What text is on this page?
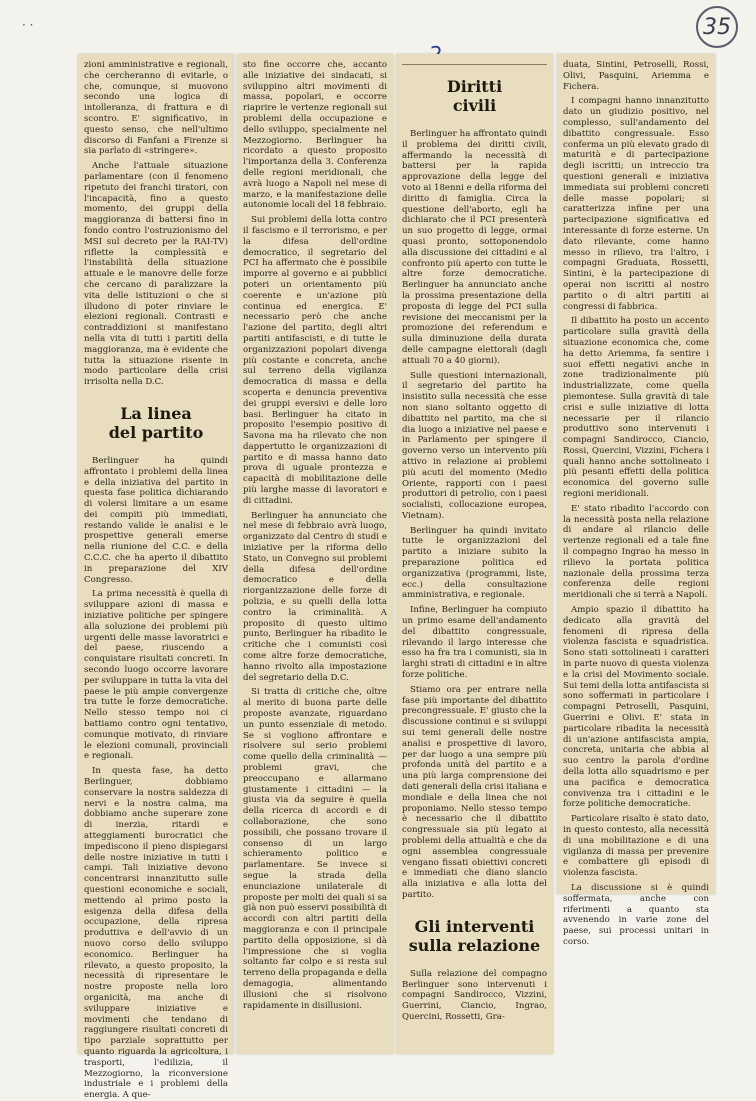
· ·	35

zioni amministrative e regionali, che cercheranno di evitarle, o che, comunque, si muovono secondo una logica di intolleranza, di frattura e di scontro. E' significativo, in questo senso, che nell'ultimo discorso di Fanfani a Firenze si sia parlato di «stringere».

Anche l'attuale situazione parlamentare (con il fenomeno ripetuto dei franchi tiratori, con l'incapacità, fino a questo momento, dei gruppi della maggioranza di battersi fino in fondo contro l'ostruzionismo del MSI sul decreto per la RAI-TV) riflette la complessità e l'instabilità della situazione attuale e le manovre delle forze che cercano di paralizzare la vita delle istituzioni o che si illudono di poter rinviare le elezioni regionali. Contrasti e contraddizioni si manifestano nella vita di tutti i partiti della maggioranza, ma è evidente che tutta la situazione risente in modo particolare della crisi irrisolta nella D.C.

La linea
del partito

Berlinguer ha quindi affrontato i problemi della linea e della iniziativa del partito in questa fase politica dichiarando di volersi limitare a un esame dei compiti più immediati, restando valide le analisi e le prospettive generali emerse nella riunione del C.C. e della C.C.C. che ha aperto il dibattito in preparazione del XIV Congresso.

La prima necessità è quella di sviluppare azioni di massa e iniziative politiche per spingere alla soluzione dei problemi più urgenti delle masse lavoratrici e del paese, riuscendo a conquistare risultati concreti. In secondo luogo occorre lavorare per sviluppare in tutta la vita del paese le più ampie convergenze tra tutte le forze democratiche. Nello stesso tempo noi ci battiamo contro ogni tentativo, comunque motivato, di rinviare le elezioni comunali, provinciali e regionali.

In questa fase, ha detto Berlinguer, dobbiamo conservare la nostra saldezza di nervi e la nostra calma, ma dobbiamo anche superare zone di inerzia, ritardi e atteggiamenti burocratici che impediscono il pieno dispiegarsi delle nostre iniziative in tutti i campi. Tali iniziative devono concentrarsi innanzitutto sulle questioni economiche e sociali, mettendo al primo posto la esigenza della difesa della occupazione, della ripresa produttiva e dell'avvio di un nuovo corso dello sviluppo economico. Berlinguer ha rilevato, a questo proposito, la necessità di ripresentare le nostre proposte nella loro organicità, ma anche di sviluppare iniziative e movimenti che tendano di raggiungere risultati concreti di tipo parziale soprattutto per quanto riguarda la agricoltura, i trasporti, l'edilizia, il Mezzogiorno, la riconversione industriale e i problemi della energia. A que-

sto fine occorre che, accanto alle iniziative dei sindacati, si sviluppino altri movimenti di massa, popolari, e occorre riaprire le vertenze regionali sui problemi della occupazione e dello sviluppo, specialmente nel Mezzogiorno. Berlinguer ha ricordato a questo proposito l'importanza della 3. Conferenza delle regioni meridionali, che avrà luogo a Napoli nel mese di marzo, e la manifestazione delle autonomie locali del 18 febbraio.

Sui problemi della lotta contro il fascismo e il terrorismo, e per la difesa dell'ordine democratico, il segretario del PCI ha affermato che è possibile imporre al governo e ai pubblici poteri un orientamento più coerente e un'azione più continua ed energica. E' necessario però che anche l'azione del partito, degli altri partiti antifascisti, e di tutte le organizzazioni popolari divenga più costante e concreta, anche sul terreno della vigilanza democratica di massa e della scoperta e denuncia preventiva dei gruppi eversivi e delle loro basi. Berlinguer ha citato in proposito l'esempio positivo di Savona ma ha rilevato che non dappertutto le organizzazioni di partito e di massa hanno dato prova di uguale prontezza e capacità di mobilitazione delle più larghe masse di lavoratori e di cittadini.

Berlinguer ha annunciato che nel mese di febbraio avrà luogo, organizzato dal Centro di studi e iniziative per la riforma dello Stato, un Convegno sui problemi della difesa dell'ordine democratico e della riorganizzazione delle forze di polizia, e su quelli della lotta contro la criminalità. A proposito di questo ultimo punto, Berlinguer ha ribadito le critiche che i comunisti così come altre forze democratiche, hanno rivolto alla impostazione del segretario della D.C.

Si tratta di critiche che, oltre al merito di buona parte delle proposte avanzate, riguardano un punto essenziale di metodo. Se si vogliono affrontare e risolvere sul serio problemi come quello della criminalità — problemi gravi, che preoccupano e allarmano giustamente i cittadini — la giusta via da seguire è quella della ricerca di accordi e di collaborazione, che sono possibili, che possano trovare il consenso di un largo schieramento politico e parlamentare. Se invece si segue la strada della enunciazione unilaterale di proposte per molti dei quali si sa già non può esservi possibilità di accordi con altri partiti della maggioranza e con il principale partito della opposizione, si dà l'impressione che si voglia soltanto far colpo e si resta sul terreno della propaganda e della demagogia, alimentando illusioni che si risolvono rapidamente in disillusioni.

Diritti
civili

Berlinguer ha affrontato quindi il problema dei diritti civili, affermando la necessità di battersi per la rapida approvazione della legge del voto ai 18enni e della riforma del diritto di famiglia. Circa la questione dell'aborto, egli ha dichiarato che il PCI presenterà un suo progetto di legge, ormai quasi pronto, sottoponendolo alla discussione dei cittadini e al confronto più aperto con tutte le altre forze democratiche. Berlinguer ha annunciato anche la prossima presentazione della proposta di legge del PCI sulla revisione dei meccanismi per la promozione dei referendum e sulla diminuzione della durata delle campagne elettorali (dagli attuali 70 a 40 giorni).

Sulle questioni internazionali, il segretario del partito ha insistito sulla necessità che esse non siano soltanto oggetto di dibattito nel partito, ma che si dia luogo a iniziative nel paese e in Parlamento per spingere il governo verso un intervento più attivo in relazione ai problemi più acuti del momento (Medio Oriente, rapporti con i paesi produttori di petrolio, con i paesi socialisti, collocazione europea, Vietnam).

Berlinguer ha quindi invitato tutte le organizzazioni del partito a iniziare subito la preparazione politica ed organizzativa (programmi, liste, ecc.) della consultazione amministrativa, e regionale.

Infine, Berlinguer ha compiuto un primo esame dell'andamento del dibattito congressuale, rilevando il largo interesse che esso ha fra tra i comunisti, sia in larghi strati di cittadini e in altre forze politiche.

Stiamo ora per entrare nella fase più importante del dibattito precongressuale. E' giusto che la discussione continui e si sviluppi sui temi generali delle nostre analisi e prospettive di lavoro, per dar luogo a una sempre più profonda unità del partito e a una più larga comprensione dei dati generali della crisi italiana e mondiale e della linea che noi proponiamo. Nello stesso tempo è necessario che il dibattito congressuale sia più legato ai problemi della attualità e che da ogni assemblea congressuale vengano fissati obiettivi concreti e immediati che diano slancio alla iniziativa e alla lotta del partito.

Gli interventi
sulla relazione

Sulla relazione del compagno Berlinguer sono intervenuti i compagni Sandirocco, Vizzini, Guerrini, Ciancio, Ingrao, Quercini, Rossetti, Gra-

duata, Sintini, Petroselli, Rossi, Olivi, Pasquini, Ariemma e Fichera.

I compagni hanno innanzitutto dato un giudizio positivo, nel complesso, sull'andamento del dibattito congressuale. Esso conferma un più elevato grado di maturità e di partecipazione degli iscritti; un intreccio tra questioni generali e iniziativa immediata sui problemi concreti delle masse popolari; si caratterizza infine per una partecipazione significativa ed interessante di forze esterne. Un dato rilevante, come hanno messo in rilievo, tra l'altro, i compagni Graduata, Rossetti, Sintini, è la partecipazione di operai non iscritti al nostro partito o di altri partiti ai congressi di fabbrica.

Il dibattito ha posto un accento particolare sulla gravità della situazione economica che, come ha detto Ariemma, fa sentire i suoi effetti negativi anche in zone tradizionalmente più industrializzate, come quella piemontese. Sulla gravità di tale crisi e sulle iniziative di lotta necessarie per il rilancio produttivo sono intervenuti i compagni Sandirocco, Ciancio, Rossi, Quercini, Vizzini, Fichera i quali hanno anche sottolineato i più pesanti effetti della politica economica del governo sulle regioni meridionali.

E' stato ribadito l'accordo con la necessità posta nella relazione di andare al rilancio delle vertenze regionali ed a tale fine il compagno Ingrao ha messo in rilievo la portata politica nazionale della prossima terza conferenza delle regioni meridionali che si terrà a Napoli.

Ampio spazio il dibattito ha dedicato alla gravità del fenomeni di ripresa della violenza fascista e squadristica. Sono stati sottolineati i caratteri in parte nuovo di questa violenza e la crisi del Movimento sociale. Sui temi della lotta antifascista si sono soffermati in particolare i compagni Petroselli, Pasquini, Guerrini e Olivi. E' stata in particolare ribadita la necessità di un'azione antifascista ampia, concreta, unitaria che abbia al suo centro la parola d'ordine della lotta allo squadrismo e per una pacifica e democratica convivenza tra i cittadini e le forze politiche democratiche.

Particolare risalto è stato dato, in questo contesto, alla necessità di una mobilitazione e di una vigilanza di massa per prevenire e combattere gli episodi di violenza fascista.

La discussione si è quindi soffermata, anche con riferimenti a quanto sta avvenendo in varie zone del paese, sui processi unitari in corso.
